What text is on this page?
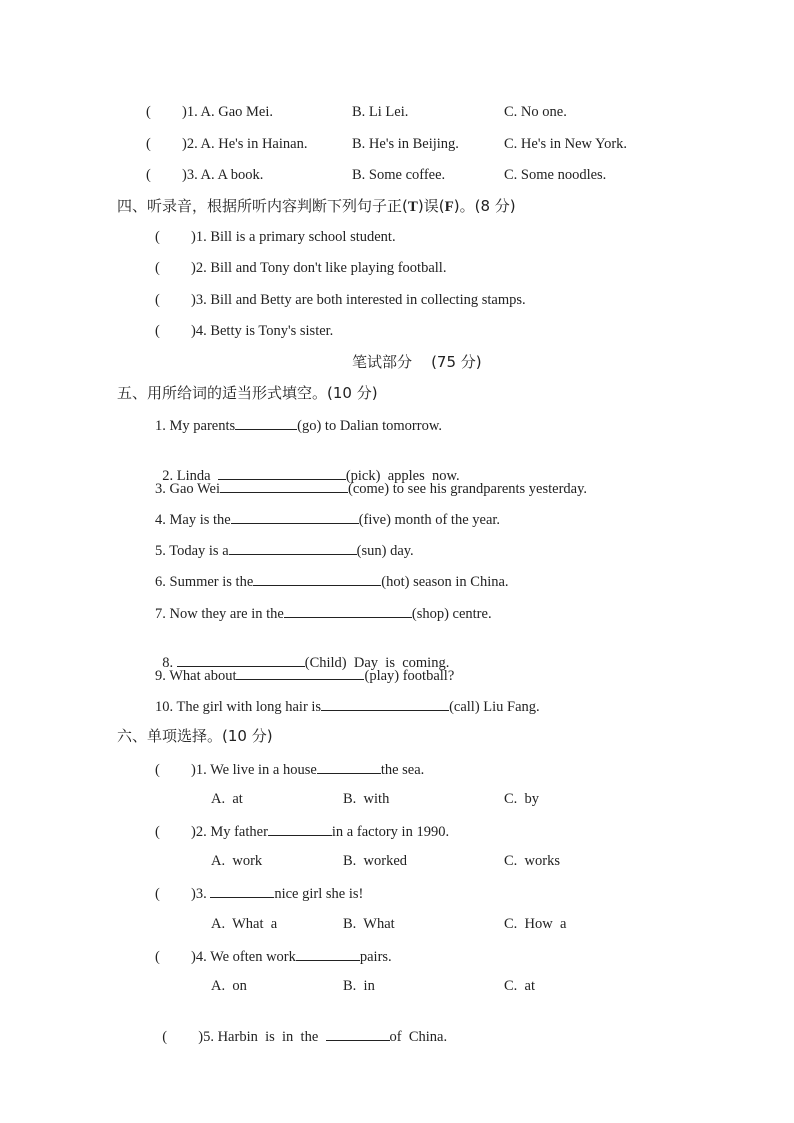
( )1. A. Gao Mei.	B. Li Lei.	C. No one.
( )2. A. He's in Hainan.	B. He's in Beijing.	C. He's in New York.
( )3. A. A book.	B. Some coffee.	C. Some noodles.
四、听录音，根据所听内容判断下列句子正(T)误(F)。(8 分)
( )1. Bill is a primary school student.
( )2. Bill and Tony don't like playing football.
( )3. Bill and Betty are both interested in collecting stamps.
( )4. Betty is Tony's sister.
笔试部分    (75 分)
五、用所给词的适当形式填空。(10 分)
1. My parents	(go) to Dalian tomorrow.

2. Linda	(pick)  apples  now.

3. Gao Wei	(come) to see his grandparents yesterday.
4. May is the	(five) month of the year.
5. Today is a	(sun) day.
6. Summer is the	(hot) season in China.
7. Now they are in the	(shop) centre.

8.	(Child)  Day  is  coming.

9. What about	(play) football?
10. The girl with long hair is	(call) Liu Fang.
六、单项选择。(10 分)
( )1. We live in a house	the sea.
A.  at	B.  with	C.  by
( )2. My father	in a factory in 1990.
A.  work	B.  worked	C.  works
( )3.	nice girl she is!
A.  What  a	B.  What	C.  How  a
( )4. We often work	pairs.
A.  on	B.  in	C.  at

( )5. Harbin  is  in  the	of  China.
